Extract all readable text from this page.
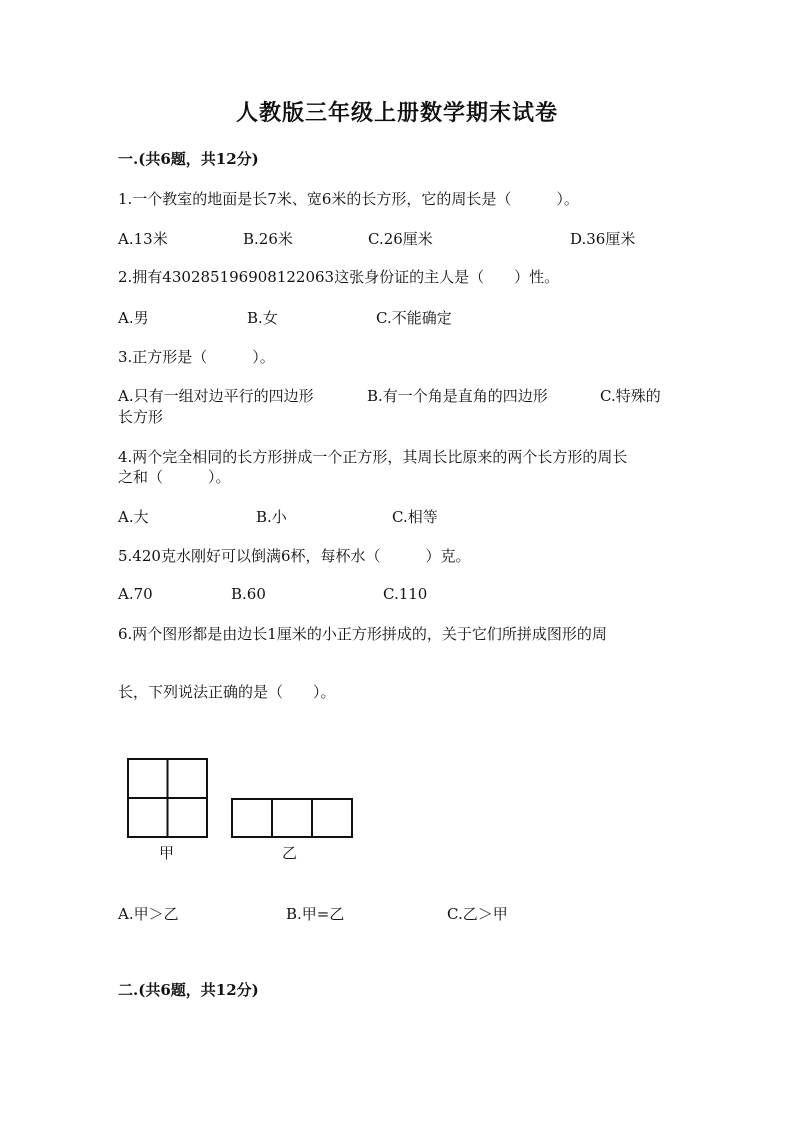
人教版三年级上册数学期末试卷
一.(共6题，共12分)
1.一个教室的地面是长7米、宽6米的长方形，它的周长是（　　　）。
A.13米	B.26米	C.26厘米	D.36厘米
2.拥有430285196908122063这张身份证的主人是（　　）性。
A.男	B.女	C.不能确定
3.正方形是（　　　）。
A.只有一组对边平行的四边形	B.有一个角是直角的四边形	C.特殊的
长方形
4.两个完全相同的长方形拼成一个正方形，其周长比原来的两个长方形的周长
之和（　　　）。
A.大	B.小	C.相等
5.420克水刚好可以倒满6杯，每杯水（　　　）克。
A.70	B.60	C.110
6.两个图形都是由边长1厘米的小正方形拼成的，关于它们所拼成图形的周
长，下列说法正确的是（　　）。
甲	乙
A.甲＞乙	B.甲=乙	C.乙＞甲
二.(共6题，共12分)
